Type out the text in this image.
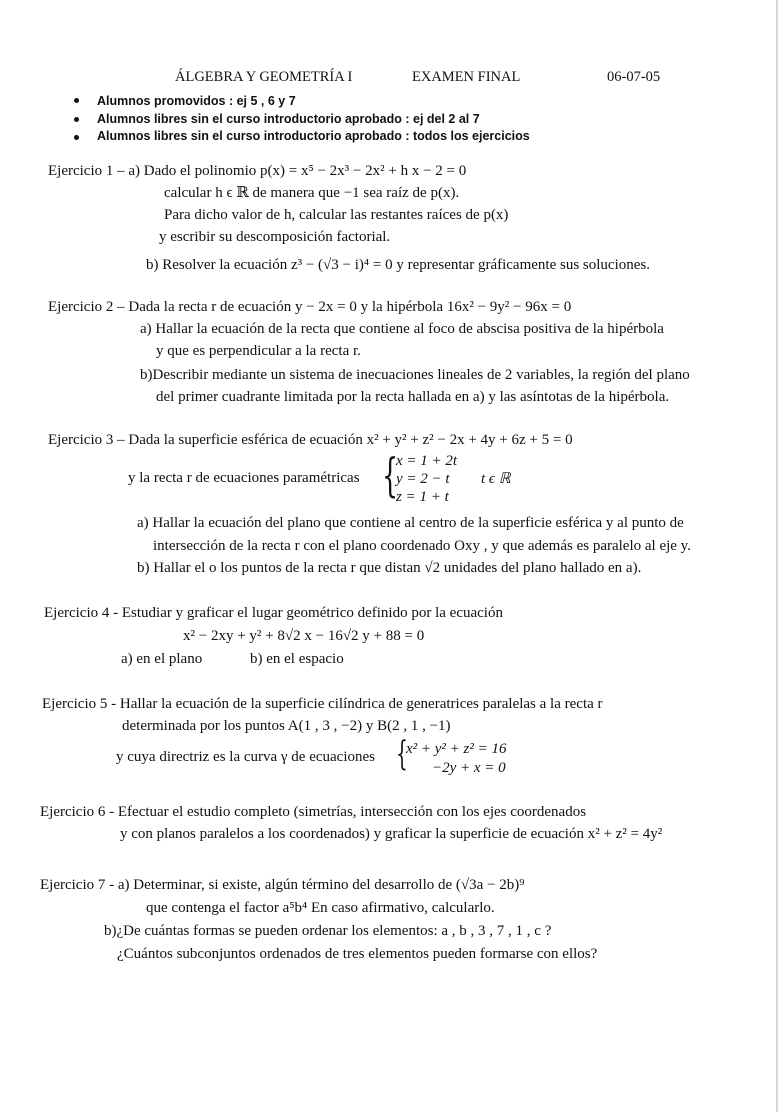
ÁLGEBRA Y GEOMETRÍA I	EXAMEN FINAL	06-07-05
Alumnos promovidos : ej 5 , 6 y 7
Alumnos libres sin el curso introductorio aprobado : ej del 2 al 7
Alumnos libres sin el curso introductorio aprobado : todos los ejercicios
Ejercicio 1 – a) Dado el polinomio p(x) = x⁵ − 2x³ − 2x² + h x − 2 = 0
calcular h ϵ ℝ de manera que −1 sea raíz de p(x).
Para dicho valor de h, calcular las restantes raíces de p(x)
y escribir su descomposición factorial.
b) Resolver la ecuación z³ − (√3 − i)⁴ = 0 y representar gráficamente sus soluciones.
Ejercicio 2 – Dada la recta r de ecuación y − 2x = 0 y la hipérbola 16x² − 9y² − 96x = 0
a) Hallar la ecuación de la recta que contiene al foco de abscisa positiva de la hipérbola
y que es perpendicular a la recta r.
b)Describir mediante un sistema de inecuaciones lineales de 2 variables, la región del plano
del primer cuadrante limitada por la recta hallada en a) y las asíntotas de la hipérbola.
Ejercicio 3 – Dada la superficie esférica de ecuación x² + y² + z² − 2x + 4y + 6z + 5 = 0
y la recta r de ecuaciones paramétricas {
x = 1 + 2t
y = 2 − t
z = 1 + t
t ϵ ℝ
a) Hallar la ecuación del plano que contiene al centro de la superficie esférica y al punto de
intersección de la recta r con el plano coordenado Oxy , y que además es paralelo al eje y.
b) Hallar el o los puntos de la recta r que distan √2 unidades del plano hallado en a).
Ejercicio 4 - Estudiar y graficar el lugar geométrico definido por la ecuación
x² − 2xy + y² + 8√2 x − 16√2 y + 88 = 0
a) en el plano	b) en el espacio
Ejercicio 5 - Hallar la ecuación de la superficie cilíndrica de generatrices paralelas a la recta r
determinada por los puntos A(1 , 3 , −2) y B(2 , 1 , −1)
y cuya directriz es la curva γ de ecuaciones {
x² + y² + z² = 16
−2y + x = 0
Ejercicio 6 - Efectuar el estudio completo (simetrías, intersección con los ejes coordenados
y con planos paralelos a los coordenados) y graficar la superficie de ecuación x² + z² = 4y²
Ejercicio 7 - a) Determinar, si existe, algún término del desarrollo de (√3a − 2b)⁹
que contenga el factor a⁵b⁴ En caso afirmativo, calcularlo.
b)¿De cuántas formas se pueden ordenar los elementos: a , b , 3 , 7 , 1 , c ?
¿Cuántos subconjuntos ordenados de tres elementos pueden formarse con ellos?
